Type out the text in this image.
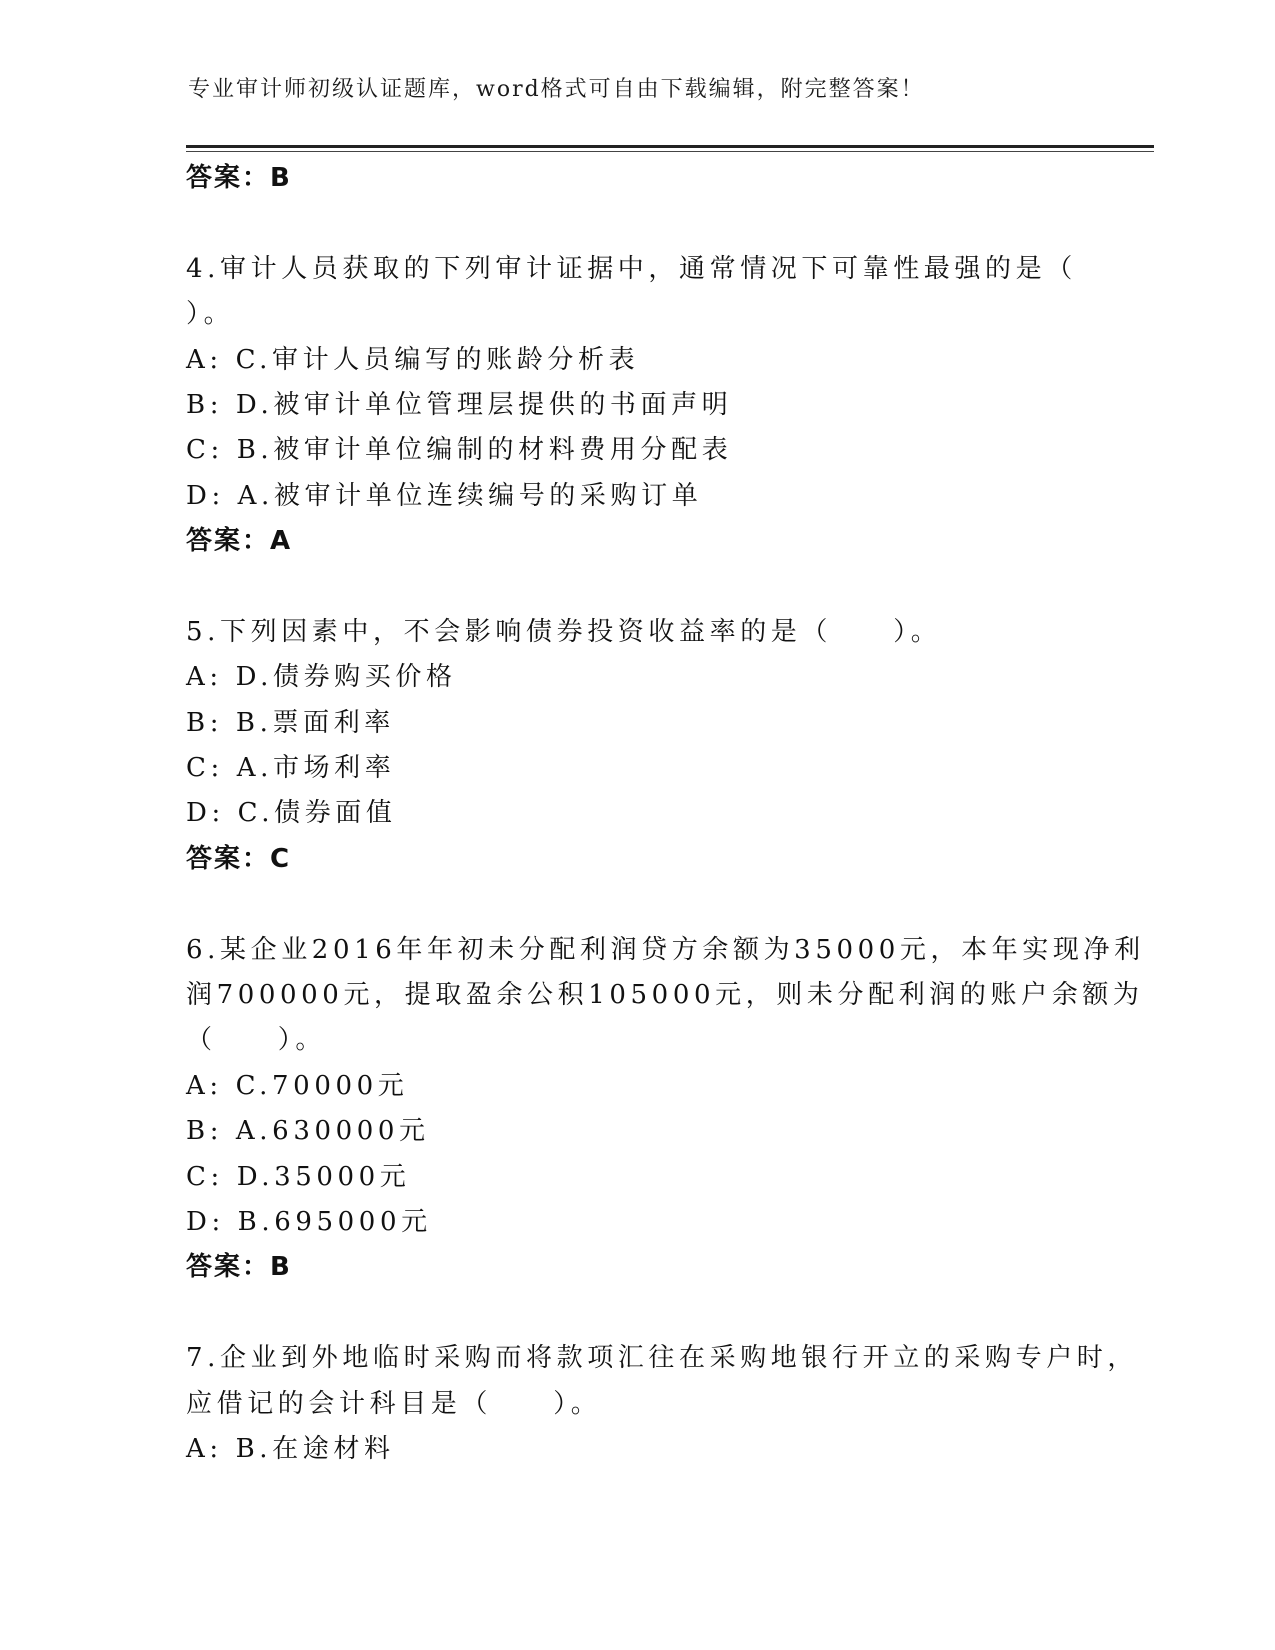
专业审计师初级认证题库，word格式可自由下载编辑，附完整答案！
答案：B
4.审计人员获取的下列审计证据中，通常情况下可靠性最强的是（
）。
A: C.审计人员编写的账龄分析表
B: D.被审计单位管理层提供的书面声明
C: B.被审计单位编制的材料费用分配表
D: A.被审计单位连续编号的采购订单
答案：A
5.下列因素中，不会影响债券投资收益率的是（　　）。
A: D.债券购买价格
B: B.票面利率
C: A.市场利率
D: C.债券面值
答案：C
6.某企业2016年年初未分配利润贷方余额为35000元，本年实现净利
润700000元，提取盈余公积105000元，则未分配利润的账户余额为
（　　）。
A: C.70000元
B: A.630000元
C: D.35000元
D: B.695000元
答案：B
7.企业到外地临时采购而将款项汇往在采购地银行开立的采购专户时，
应借记的会计科目是（　　）。
A: B.在途材料
